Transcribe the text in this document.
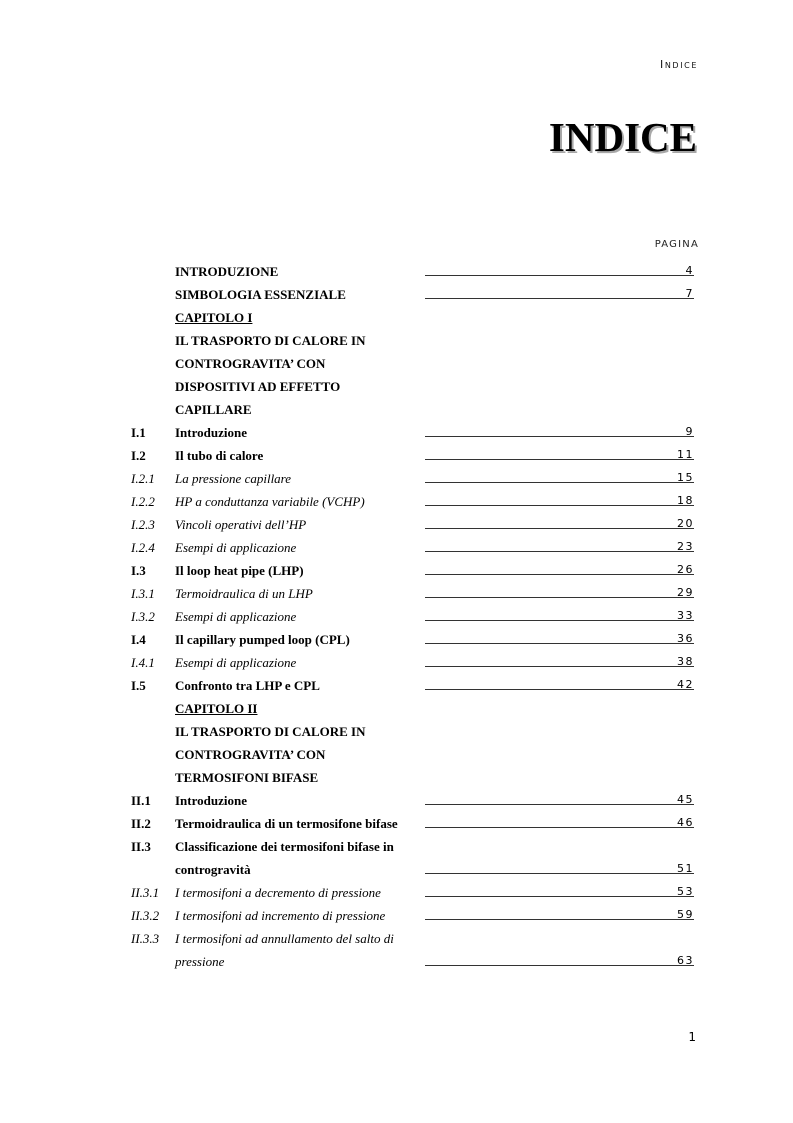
Indice
INDICE
PAGINA
INTRODUZIONE	4
SIMBOLOGIA ESSENZIALE	7
CAPITOLO I
IL TRASPORTO DI CALORE IN
CONTROGRAVITA’ CON
DISPOSITIVI AD EFFETTO
CAPILLARE
I.1 Introduzione	9
I.2 Il tubo di calore	11
I.2.1 La pressione capillare	15
I.2.2 HP a conduttanza variabile (VCHP)	18
I.2.3 Vincoli operativi dell’HP	20
I.2.4 Esempi di applicazione	23
I.3 Il loop heat pipe (LHP)	26
I.3.1 Termoidraulica di un LHP	29
I.3.2 Esempi di applicazione	33
I.4 Il capillary pumped loop (CPL)	36
I.4.1 Esempi di applicazione	38
I.5 Confronto tra LHP e CPL	42
CAPITOLO II
IL TRASPORTO DI CALORE IN
CONTROGRAVITA’ CON
TERMOSIFONI BIFASE
II.1 Introduzione	45
II.2 Termoidraulica di un termosifone bifase	46
II.3 Classificazione dei termosifoni bifase in
controgravità	51
II.3.1 I termosifoni a decremento di pressione	53
II.3.2 I termosifoni ad incremento di pressione	59
II.3.3 I termosifoni ad annullamento del salto di
pressione	63
1
